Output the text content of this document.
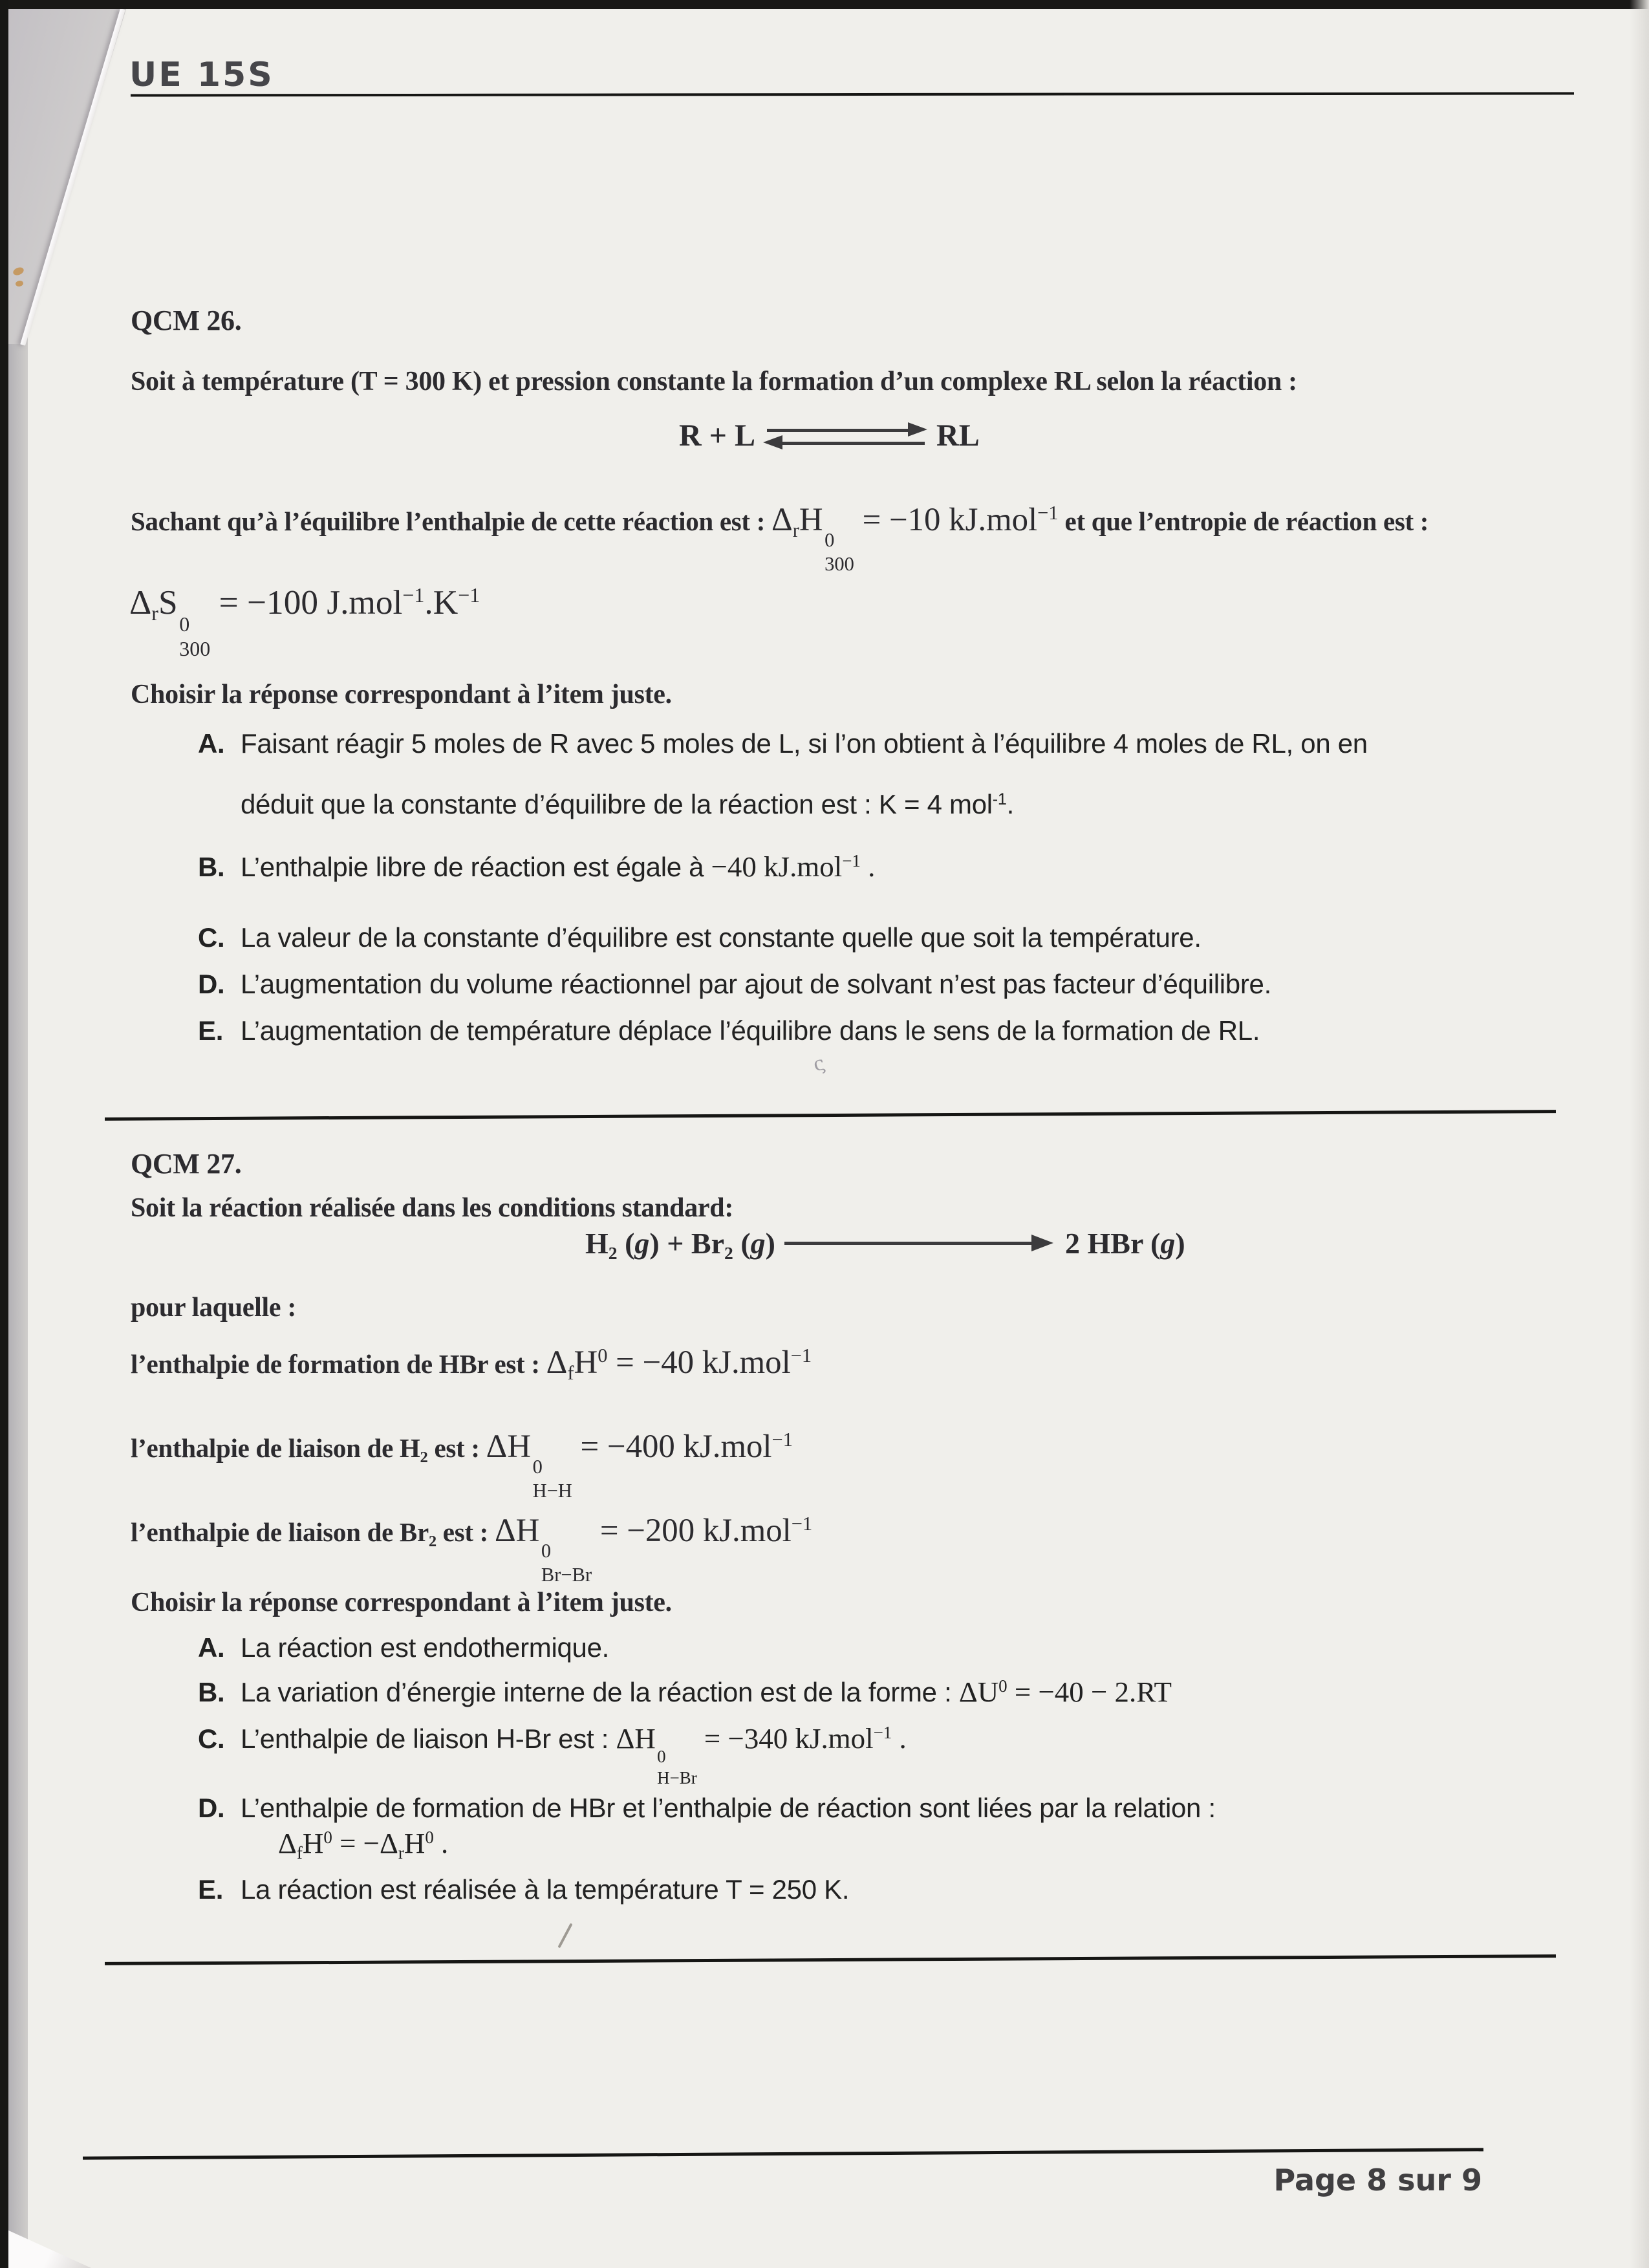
ς
UE 15S
QCM 26.
Soit à température (T = 300 K) et pression constante la formation d’un complexe RL selon la réaction :
R + L	RL
Sachant qu’à l’équilibre l’enthalpie de cette réaction est : ΔrH
0
300
= −10 kJ.mol$^{-1}$ et que l’entropie de réaction est :
ΔrS
0
300
= −100 $J.mol^{-1}.K^{-1}$
Choisir la réponse correspondant à l’item juste.
A. Faisant réagir 5 moles de R avec 5 moles de L, si l’on obtient à l’équilibre 4 moles de RL, on en
déduit que la constante d’équilibre de la réaction est : K = 4 mol$^{-1}$.
B. L’enthalpie libre de réaction est égale à −40 kJ.mol$^{-1}$ .
C. La valeur de la constante d’équilibre est constante quelle que soit la température.
D. L’augmentation du volume réactionnel par ajout de solvant n’est pas facteur d’équilibre.
E. L’augmentation de température déplace l’équilibre dans le sens de la formation de RL.
QCM 27.
Soit la réaction réalisée dans les conditions standard:
H2 (g) + Br2 (g)	2 HBr (g)
pour laquelle :
l’enthalpie de formation de HBr est : ΔfH$^0$ = −40 kJ.mol$^{-1}$
l’enthalpie de liaison de H2 est : ΔH
0
H−H
= −400 kJ.mol$^{-1}$
l’enthalpie de liaison de Br2 est : ΔH
0
Br−Br
= −200 kJ.mol$^{-1}$
Choisir la réponse correspondant à l’item juste.
A. La réaction est endothermique.
B. La variation d’énergie interne de la réaction est de la forme : $\Delta U^0 = -40 - 2.RT$
C. L’enthalpie de liaison H-Br est : ΔH
0
H−Br
= −340 kJ.mol$^{-1}$ .
D. L’enthalpie de formation de HBr et l’enthalpie de réaction sont liées par la relation :
ΔfH$^0$ = −ΔrH$^0$ .
E. La réaction est réalisée à la température T = 250 K.
Page 8 sur 9
